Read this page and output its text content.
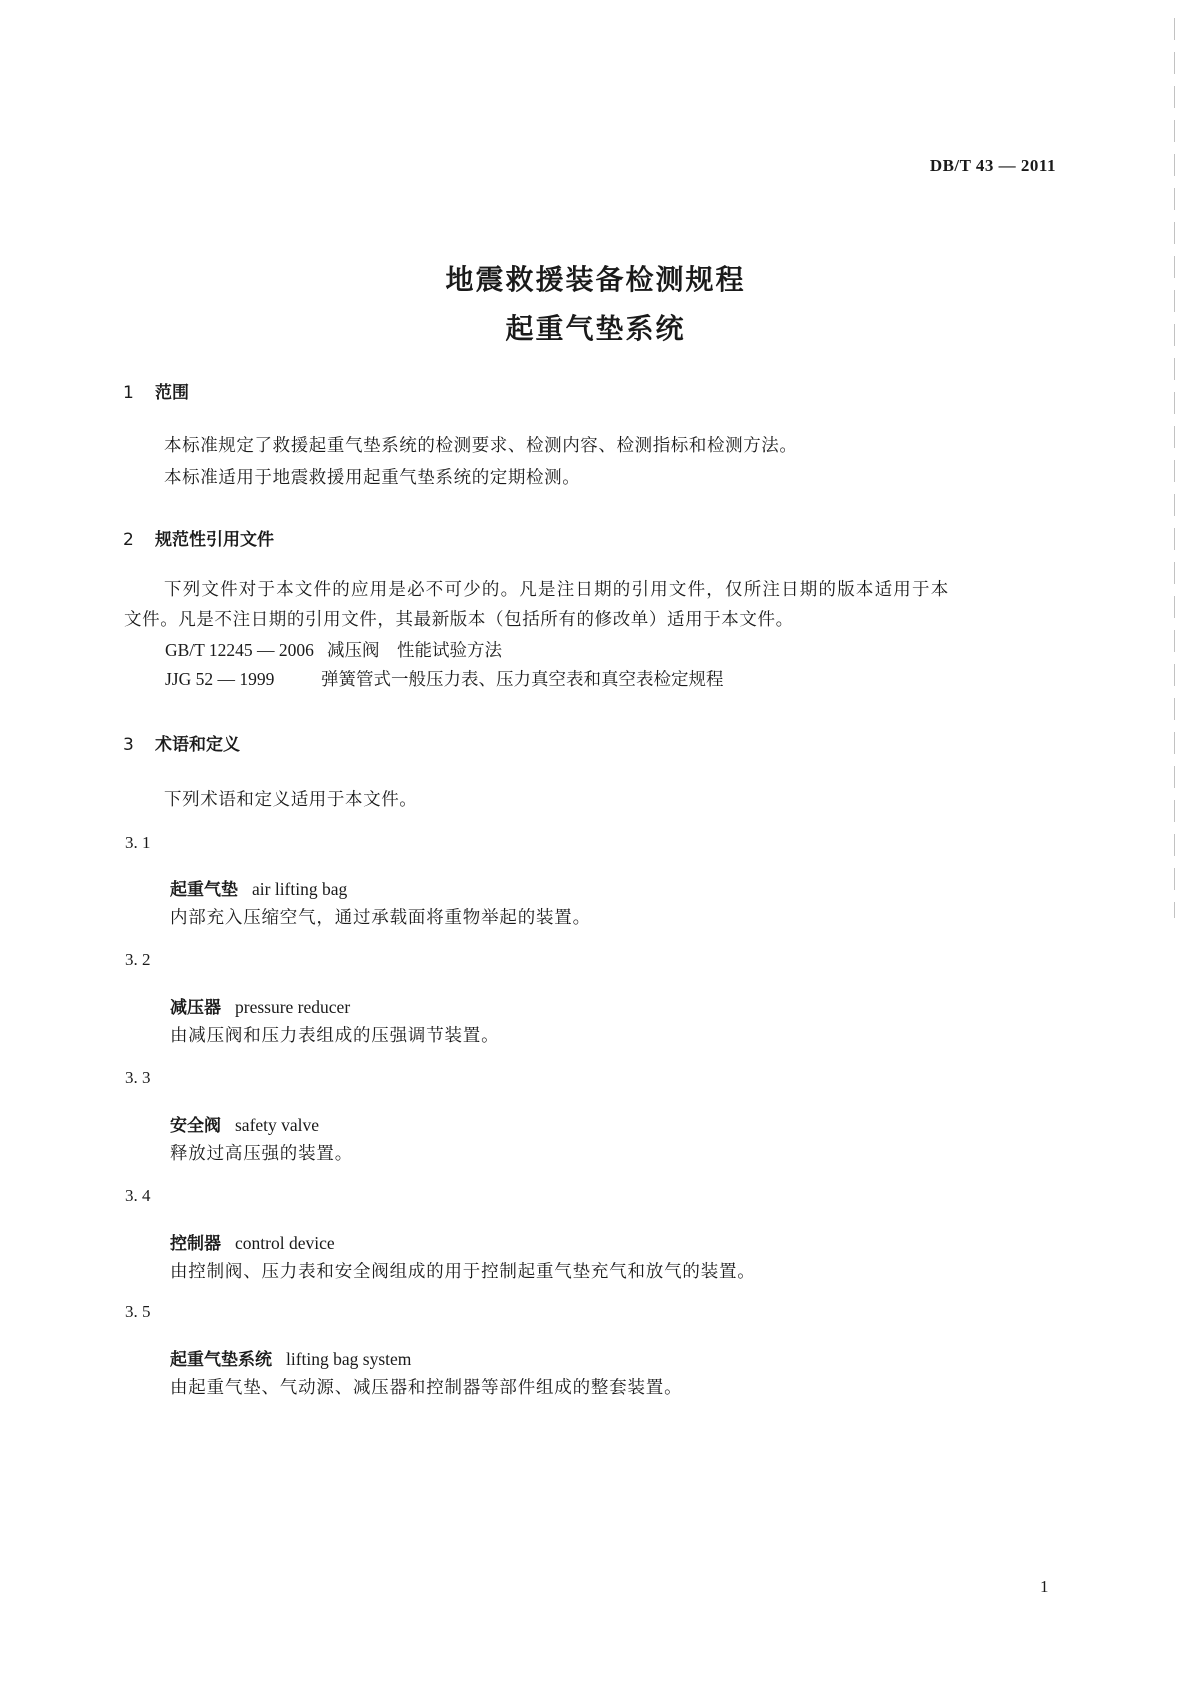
DB/T 43 — 2011
地震救援装备检测规程
起重气垫系统
1 范围
本标准规定了救援起重气垫系统的检测要求、检测内容、检测指标和检测方法。
本标准适用于地震救援用起重气垫系统的定期检测。
2 规范性引用文件
下列文件对于本文件的应用是必不可少的。凡是注日期的引用文件，仅所注日期的版本适用于本
文件。凡是不注日期的引用文件，其最新版本（包括所有的修改单）适用于本文件。
GB/T 12245 — 2006 减压阀　性能试验方法
JJG 52 — 1999	弹簧管式一般压力表、压力真空表和真空表检定规程
3 术语和定义
下列术语和定义适用于本文件。
3. 1
起重气垫 air lifting bag
内部充入压缩空气，通过承载面将重物举起的装置。
3. 2
减压器 pressure reducer
由减压阀和压力表组成的压强调节装置。
3. 3
安全阀 safety valve
释放过高压强的装置。
3. 4
控制器 control device
由控制阀、压力表和安全阀组成的用于控制起重气垫充气和放气的装置。
3. 5
起重气垫系统 lifting bag system
由起重气垫、气动源、减压器和控制器等部件组成的整套装置。
1
